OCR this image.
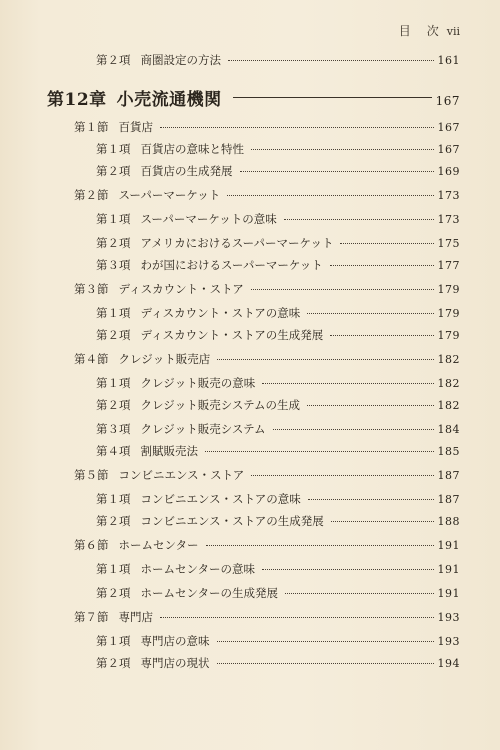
目　次 vii
第２項 商圏設定の方法	161
第12章 小売流通機関	167
第１節 百貨店	167
第１項 百貨店の意味と特性	167
第２項 百貨店の生成発展	169
第２節 スーパーマーケット	173
第１項 スーパーマーケットの意味	173
第２項 アメリカにおけるスーパーマーケット	175
第３項 わが国におけるスーパーマーケット	177
第３節 ディスカウント・ストア	179
第１項 ディスカウント・ストアの意味	179
第２項 ディスカウント・ストアの生成発展	179
第４節 クレジット販売店	182
第１項 クレジット販売の意味	182
第２項 クレジット販売システムの生成	182
第３項 クレジット販売システム	184
第４項 割賦販売法	185
第５節 コンビニエンス・ストア	187
第１項 コンビニエンス・ストアの意味	187
第２項 コンビニエンス・ストアの生成発展	188
第６節 ホームセンター	191
第１項 ホームセンターの意味	191
第２項 ホームセンターの生成発展	191
第７節 専門店	193
第１項 専門店の意味	193
第２項 専門店の現状	194
